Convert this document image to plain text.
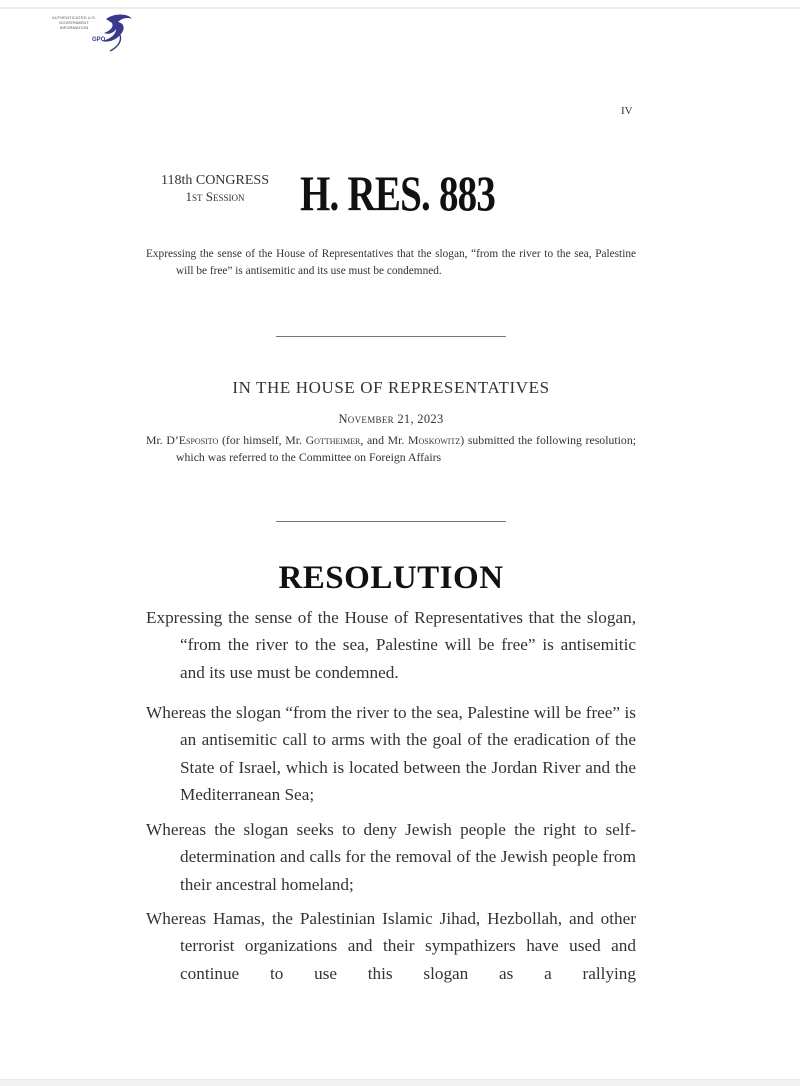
AUTHENTICATED U.S. GOVERNMENT INFORMATION
GPO
IV
118th CONGRESS
1st Session	H. RES. 883
Expressing the sense of the House of Representatives that the slogan, “from the river to the sea, Palestine will be free” is antisemitic and its use must be condemned.
IN THE HOUSE OF REPRESENTATIVES
November 21, 2023
Mr. D’Esposito (for himself, Mr. Gottheimer, and Mr. Moskowitz) submitted the following resolution; which was referred to the Committee on Foreign Affairs
RESOLUTION
Expressing the sense of the House of Representatives that the slogan, “from the river to the sea, Palestine will be free” is antisemitic and its use must be condemned.
Whereas the slogan “from the river to the sea, Palestine will be free” is an antisemitic call to arms with the goal of the eradication of the State of Israel, which is located between the Jordan River and the Mediterranean Sea;
Whereas the slogan seeks to deny Jewish people the right to self-determination and calls for the removal of the Jewish people from their ancestral homeland;
Whereas Hamas, the Palestinian Islamic Jihad, Hezbollah, and other terrorist organizations and their sympathizers have used and continue to use this slogan as a rallying
